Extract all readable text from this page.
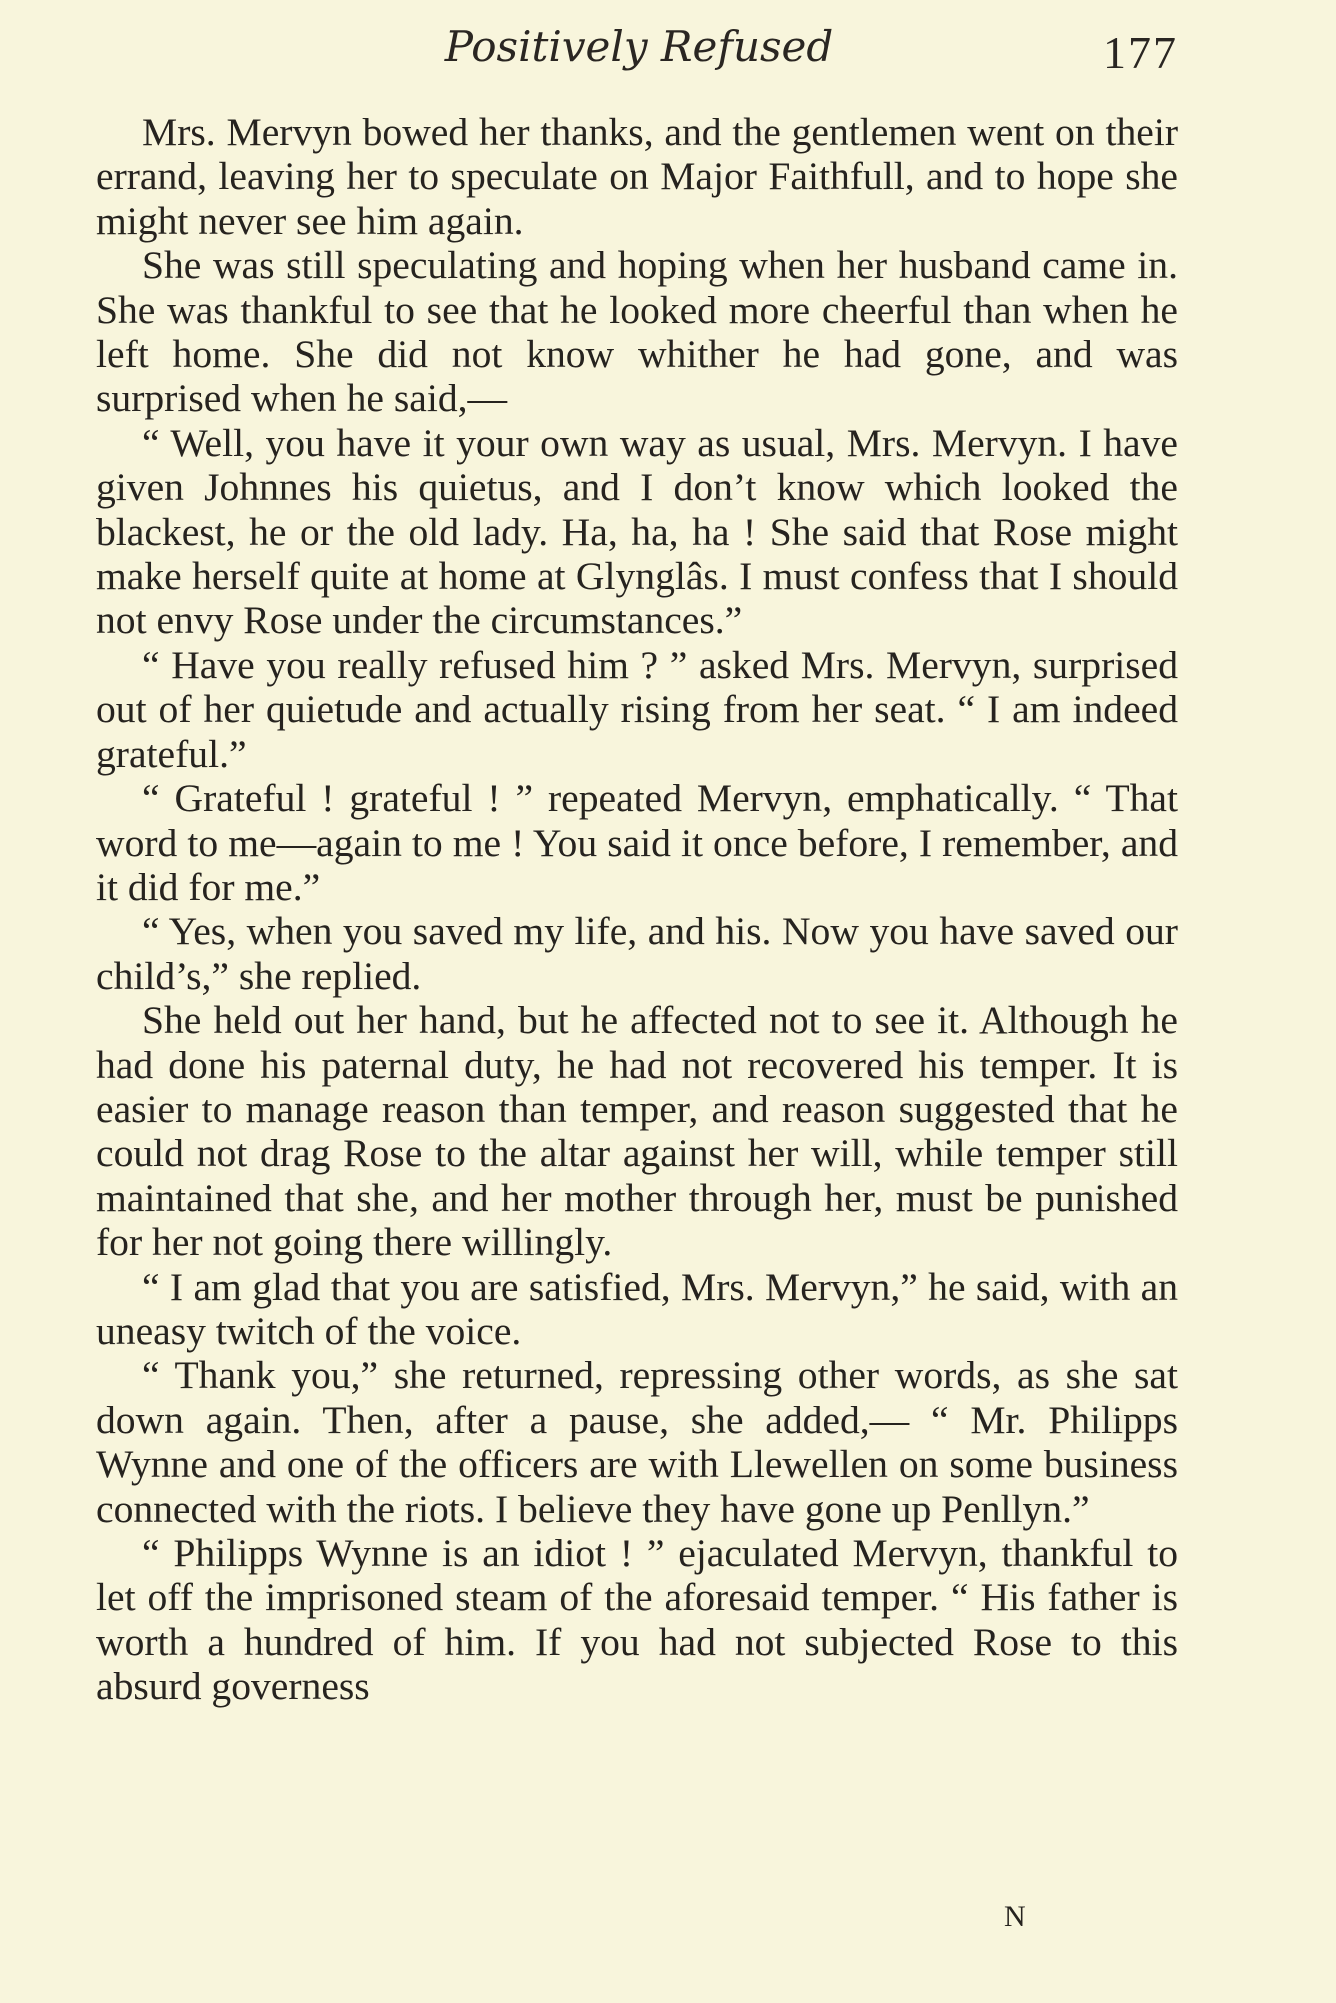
Positively Refused	177

Mrs. Mervyn bowed her thanks, and the gentlemen went on their errand, leaving her to speculate on Major Faithfull, and to hope she might never see him again.

She was still speculating and hoping when her husband came in. She was thankful to see that he looked more cheerful than when he left home. She did not know whither he had gone, and was surprised when he said,—

“ Well, you have it your own way as usual, Mrs. Mervyn. I have given Johnnes his quietus, and I don’t know which looked the blackest, he or the old lady. Ha, ha, ha ! She said that Rose might make herself quite at home at Glynglâs. I must confess that I should not envy Rose under the circumstances.”

“ Have you really refused him ? ” asked Mrs. Mervyn, surprised out of her quietude and actually rising from her seat. “ I am indeed grateful.”

“ Grateful ! grateful ! ” repeated Mervyn, emphatically. “ That word to me—again to me ! You said it once before, I remember, and it did for me.”

“ Yes, when you saved my life, and his. Now you have saved our child’s,” she replied.

She held out her hand, but he affected not to see it. Although he had done his paternal duty, he had not recovered his temper. It is easier to manage reason than temper, and reason suggested that he could not drag Rose to the altar against her will, while temper still maintained that she, and her mother through her, must be punished for her not going there willingly.

“ I am glad that you are satisfied, Mrs. Mervyn,” he said, with an uneasy twitch of the voice.

“ Thank you,” she returned, repressing other words, as she sat down again. Then, after a pause, she added,— “ Mr. Philipps Wynne and one of the officers are with Llewellen on some business connected with the riots. I believe they have gone up Penllyn.”

“ Philipps Wynne is an idiot ! ” ejaculated Mervyn, thankful to let off the imprisoned steam of the aforesaid temper. “ His father is worth a hundred of him. If you had not subjected Rose to this absurd governess

N
